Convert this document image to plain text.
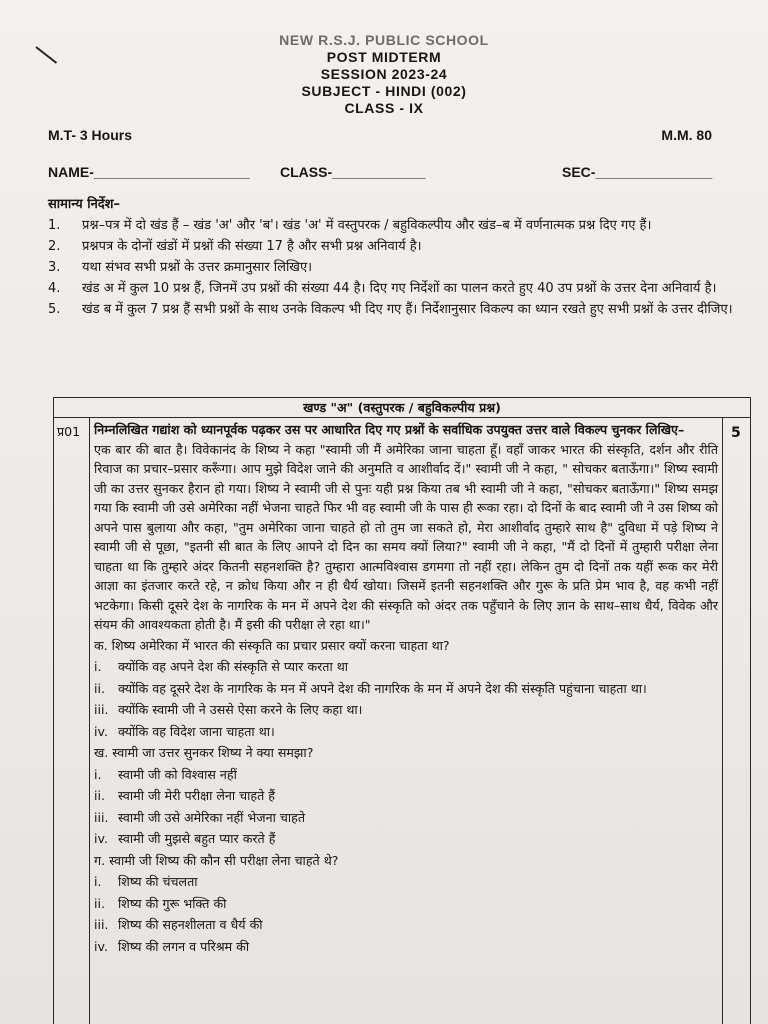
NEW R.S.J. PUBLIC SCHOOL
POST MIDTERM
SESSION 2023-24
SUBJECT - HINDI (002)
CLASS - IX
M.T- 3 Hours	M.M. 80
NAME-____________________ CLASS-____________	SEC-_______________
सामान्य निर्देश–
1.	प्रश्न–पत्र में दो खंड हैं – खंड 'अ' और 'ब'। खंड 'अ' में वस्तुपरक / बहुविकल्पीय और खंड–ब में वर्णनात्मक प्रश्न दिए गए हैं।
2.	प्रश्नपत्र के दोनों खंडों में प्रश्नों की संख्या 17 है और सभी प्रश्न अनिवार्य है।
3.	यथा संभव सभी प्रश्नों के उत्तर क्रमानुसार लिखिए।
4.	खंड अ में कुल 10 प्रश्न हैं, जिनमें उप प्रश्नों की संख्या 44 है। दिए गए निर्देशों का पालन करते हुए 40 उप प्रश्नों के उत्तर देना अनिवार्य है।
5.	खंड ब में कुल 7 प्रश्न हैं सभी प्रश्नों के साथ उनके विकल्प भी दिए गए हैं। निर्देशानुसार विकल्प का ध्यान रखते हुए सभी प्रश्नों के उत्तर दीजिए।
खण्ड "अ" (वस्तुपरक / बहुविकल्पीय प्रश्न)
प्र01	5
निम्नलिखित गद्यांश को ध्यानपूर्वक पढ़कर उस पर आधारित दिए गए प्रश्नों के सर्वाधिक उपयुक्त उत्तर वाले विकल्प चुनकर लिखिए–
एक बार की बात है। विवेकानंद के शिष्य ने कहा "स्वामी जी मैं अमेरिका जाना चाहता हूँ। वहाँ जाकर भारत की संस्कृति, दर्शन और रीति रिवाज का प्रचार–प्रसार करूँगा। आप मुझे विदेश जाने की अनुमति व आशीर्वाद दें।" स्वामी जी ने कहा, " सोचकर बताऊँगा।" शिष्य स्वामी जी का उत्तर सुनकर हैरान हो गया। शिष्य ने स्वामी जी से पुनः यही प्रश्न किया तब भी स्वामी जी ने कहा, "सोचकर बताऊँगा।" शिष्य समझ गया कि स्वामी जी उसे अमेरिका नहीं भेजना चाहते फिर भी वह स्वामी जी के पास ही रूका रहा। दो दिनों के बाद स्वामी जी ने उस शिष्य को अपने पास बुलाया और कहा, "तुम अमेरिका जाना चाहते हो तो तुम जा सकते हो, मेरा आशीर्वाद तुम्हारे साथ है" दुविधा में पड़े शिष्य ने स्वामी जी से पूछा, "इतनी सी बात के लिए आपने दो दिन का समय क्यों लिया?" स्वामी जी ने कहा, "मैं दो दिनों में तुम्हारी परीक्षा लेना चाहता था कि तुम्हारे अंदर कितनी सहनशक्ति है? तुम्हारा आत्मविश्वास डगमगा तो नहीं रहा। लेकिन तुम दो दिनों तक यहीं रूक कर मेरी आज्ञा का इंतजार करते रहे, न क्रोध किया और न ही धैर्य खोया। जिसमें इतनी सहनशक्ति और गुरू के प्रति प्रेम भाव है, वह कभी नहीं भटकेगा। किसी दूसरे देश के नागरिक के मन में अपने देश की संस्कृति को अंदर तक पहुँचाने के लिए ज्ञान के साथ–साथ धैर्य, विवेक और संयम की आवश्यकता होती है। मैं इसी की परीक्षा ले रहा था।"
क. शिष्य अमेरिका में भारत की संस्कृति का प्रचार प्रसार क्यों करना चाहता था?
i.	क्योंकि वह अपने देश की संस्कृति से प्यार करता था
ii.	क्योंकि वह दूसरे देश के नागरिक के मन में अपने देश की नागरिक के मन में अपने देश की संस्कृति पहुंचाना चाहता था।
iii. क्योंकि स्वामी जी ने उससे ऐसा करने के लिए कहा था।
iv. क्योंकि वह विदेश जाना चाहता था।
ख. स्वामी जा उत्तर सुनकर शिष्य ने क्या समझा?
i.	स्वामी जी को विश्वास नहीं
ii.	स्वामी जी मेरी परीक्षा लेना चाहते हैं
iii. स्वामी जी उसे अमेरिका नहीं भेजना चाहते
iv. स्वामी जी मुझसे बहुत प्यार करते हैं
ग. स्वामी जी शिष्य की कौन सी परीक्षा लेना चाहते थे?
i.	शिष्य की चंचलता
ii.	शिष्य की गुरू भक्ति की
iii. शिष्य की सहनशीलता व धैर्य की
iv. शिष्य की लगन व परिश्रम की
